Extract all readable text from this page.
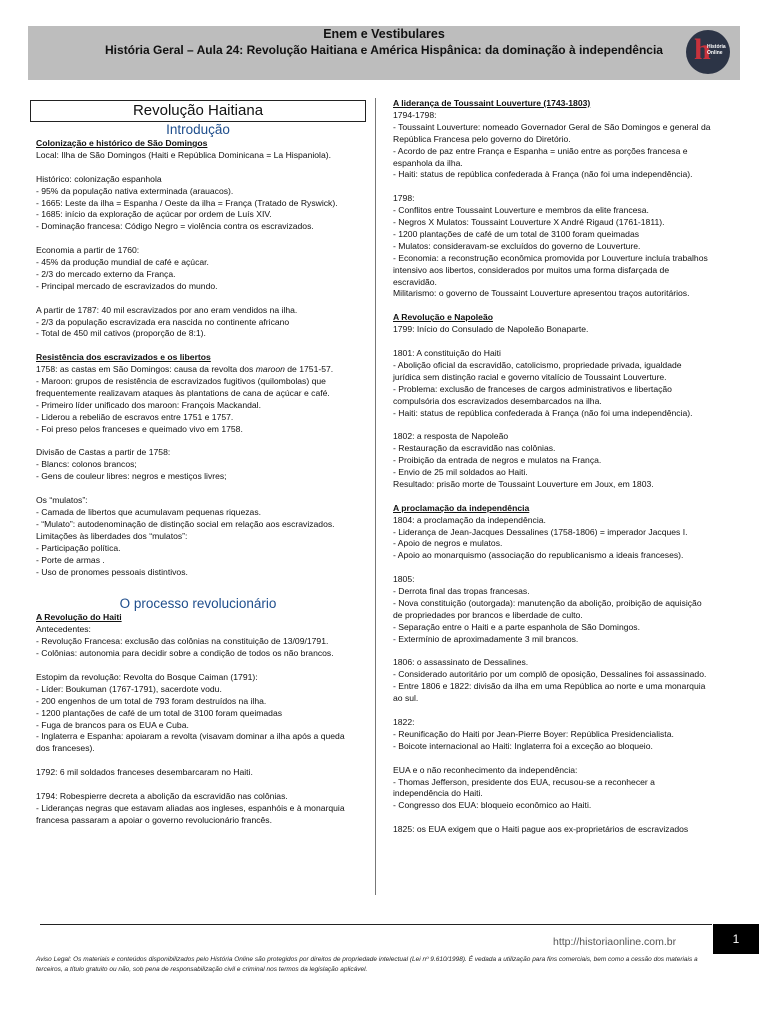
Enem e Vestibulares
História Geral – Aula 24: Revolução Haitiana e América Hispânica: da dominação à independência	h
História Online
Revolução Haitiana
Introdução

Colonização e histórico de São Domingos

Local: Ilha de São Domingos (Haiti e República Dominicana = La Hispaniola).

Histórico: colonização espanhola

- 95% da população nativa exterminada (arauacos).

- 1665: Leste da ilha = Espanha / Oeste da ilha = França (Tratado de Ryswick).

- 1685: início da exploração de açúcar por ordem de Luís XIV.

- Dominação francesa: Código Negro = violência contra os escravizados.

Economia a partir de 1760:

- 45% da produção mundial de café e açúcar.

- 2/3 do mercado externo da França.

- Principal mercado de escravizados do mundo.

A partir de 1787: 40 mil escravizados por ano eram vendidos na ilha.

- 2/3 da população escravizada era nascida no continente africano

- Total de 450 mil cativos (proporção de 8:1).

Resistência dos escravizados e os libertos

1758: as castas em São Domingos: causa da revolta dos maroon de 1751-57.

- Maroon: grupos de resistência de escravizados fugitivos (quilombolas) que frequentemente realizavam ataques às plantations de cana de açúcar e café.

- Primeiro líder unificado dos maroon: François Mackandal.

- Liderou a rebelião de escravos entre 1751 e 1757.

- Foi preso pelos franceses e queimado vivo em 1758.

Divisão de Castas a partir de 1758:

- Blancs: colonos brancos;

- Gens de couleur libres: negros e mestiços livres;

Os “mulatos”:

- Camada de libertos que acumulavam pequenas riquezas.

- “Mulato”: autodenominação de distinção social em relação aos escravizados.

Limitações às liberdades dos “mulatos”:

- Participação política.

- Porte de armas .

- Uso de pronomes pessoais distintivos.

O processo revolucionário

A Revolução do Haiti

Antecedentes:

- Revolução Francesa: exclusão das colônias na constituição de 13/09/1791.

- Colônias: autonomia para decidir sobre a condição de todos os não brancos.

Estopim da revolução: Revolta do Bosque Caiman (1791):

- Líder: Boukuman (1767-1791), sacerdote vodu.

- 200 engenhos de um total de 793 foram destruídos na ilha.

- 1200 plantações de café de um total de 3100 foram queimadas

- Fuga de brancos para os EUA e Cuba.

- Inglaterra e Espanha: apoiaram a revolta (visavam dominar a ilha após a queda dos franceses).

1792: 6 mil soldados franceses desembarcaram no Haiti.

1794: Robespierre decreta a abolição da escravidão nas colônias.

- Lideranças negras que estavam aliadas aos ingleses, espanhóis e à monarquia francesa passaram a apoiar o governo revolucionário francês.

A liderança de Toussaint Louverture (1743-1803)

1794-1798:

- Toussaint Louverture: nomeado Governador Geral de São Domingos e general da República Francesa pelo governo do Diretório.

- Acordo de paz entre França e Espanha = união entre as porções francesa e espanhola da ilha.

- Haiti: status de república confederada à França (não foi uma independência).

1798:

- Conflitos entre Toussaint Louverture e membros da elite francesa.

- Negros X Mulatos: Toussaint Louverture X André Rigaud (1761-1811).

- 1200 plantações de café de um total de 3100 foram queimadas

- Mulatos: consideravam-se excluídos do governo de Louverture.

- Economia: a reconstrução econômica promovida por Louverture incluía trabalhos intensivo aos libertos, considerados por muitos uma forma disfarçada de escravidão.

Militarismo: o governo de Toussaint Louverture apresentou traços autoritários.

A Revolução e Napoleão

1799: Início do Consulado de Napoleão Bonaparte.

1801: A constituição do Haiti

- Abolição oficial da escravidão, catolicismo, propriedade privada, igualdade jurídica sem distinção racial e governo vitalício de Toussaint Louverture.

- Problema: exclusão de franceses de cargos administrativos e libertação compulsória dos escravizados desembarcados na ilha.

- Haiti: status de república confederada à França (não foi uma independência).

1802: a resposta de Napoleão

- Restauração da escravidão nas colônias.

- Proibição da entrada de negros e mulatos na França.

- Envio de 25 mil soldados ao Haiti.

Resultado: prisão morte de Toussaint Louverture em Joux, em 1803.

A proclamação da independência

1804: a proclamação da independência.

- Liderança de Jean-Jacques Dessalines (1758-1806) = imperador Jacques I.

- Apoio de negros e mulatos.

- Apoio ao monarquismo (associação do republicanismo a ideais franceses).

1805:

- Derrota final das tropas francesas.

- Nova constituição (outorgada): manutenção da abolição, proibição de aquisição de propriedades por brancos e liberdade de culto.

- Separação entre o Haiti e a parte espanhola de São Domingos.

- Extermínio de aproximadamente 3 mil brancos.

1806: o assassinato de Dessalines.

- Considerado autoritário por um complô de oposição, Dessalines foi assassinado.

- Entre 1806 e 1822: divisão da ilha em uma República ao norte e uma monarquia ao sul.

1822:

- Reunificação do Haiti por Jean-Pierre Boyer: República Presidencialista.

- Boicote internacional ao Haiti: Inglaterra foi a exceção ao bloqueio.

EUA e o não reconhecimento da independência:

- Thomas Jefferson, presidente dos EUA, recusou-se a reconhecer a independência do Haiti.

- Congresso dos EUA: bloqueio econômico ao Haiti.

1825: os EUA exigem que o Haiti pague aos ex-proprietários de escravizados

http://historiaonline.com.br	1
Aviso Legal: Os materiais e conteúdos disponibilizados pelo História Online são protegidos por direitos de propriedade intelectual (Lei nº 9.610/1998). É vedada a utilização para fins comerciais, bem como a cessão dos materiais a terceiros, a título gratuito ou não, sob pena de responsabilização civil e criminal nos termos da legislação aplicável.
